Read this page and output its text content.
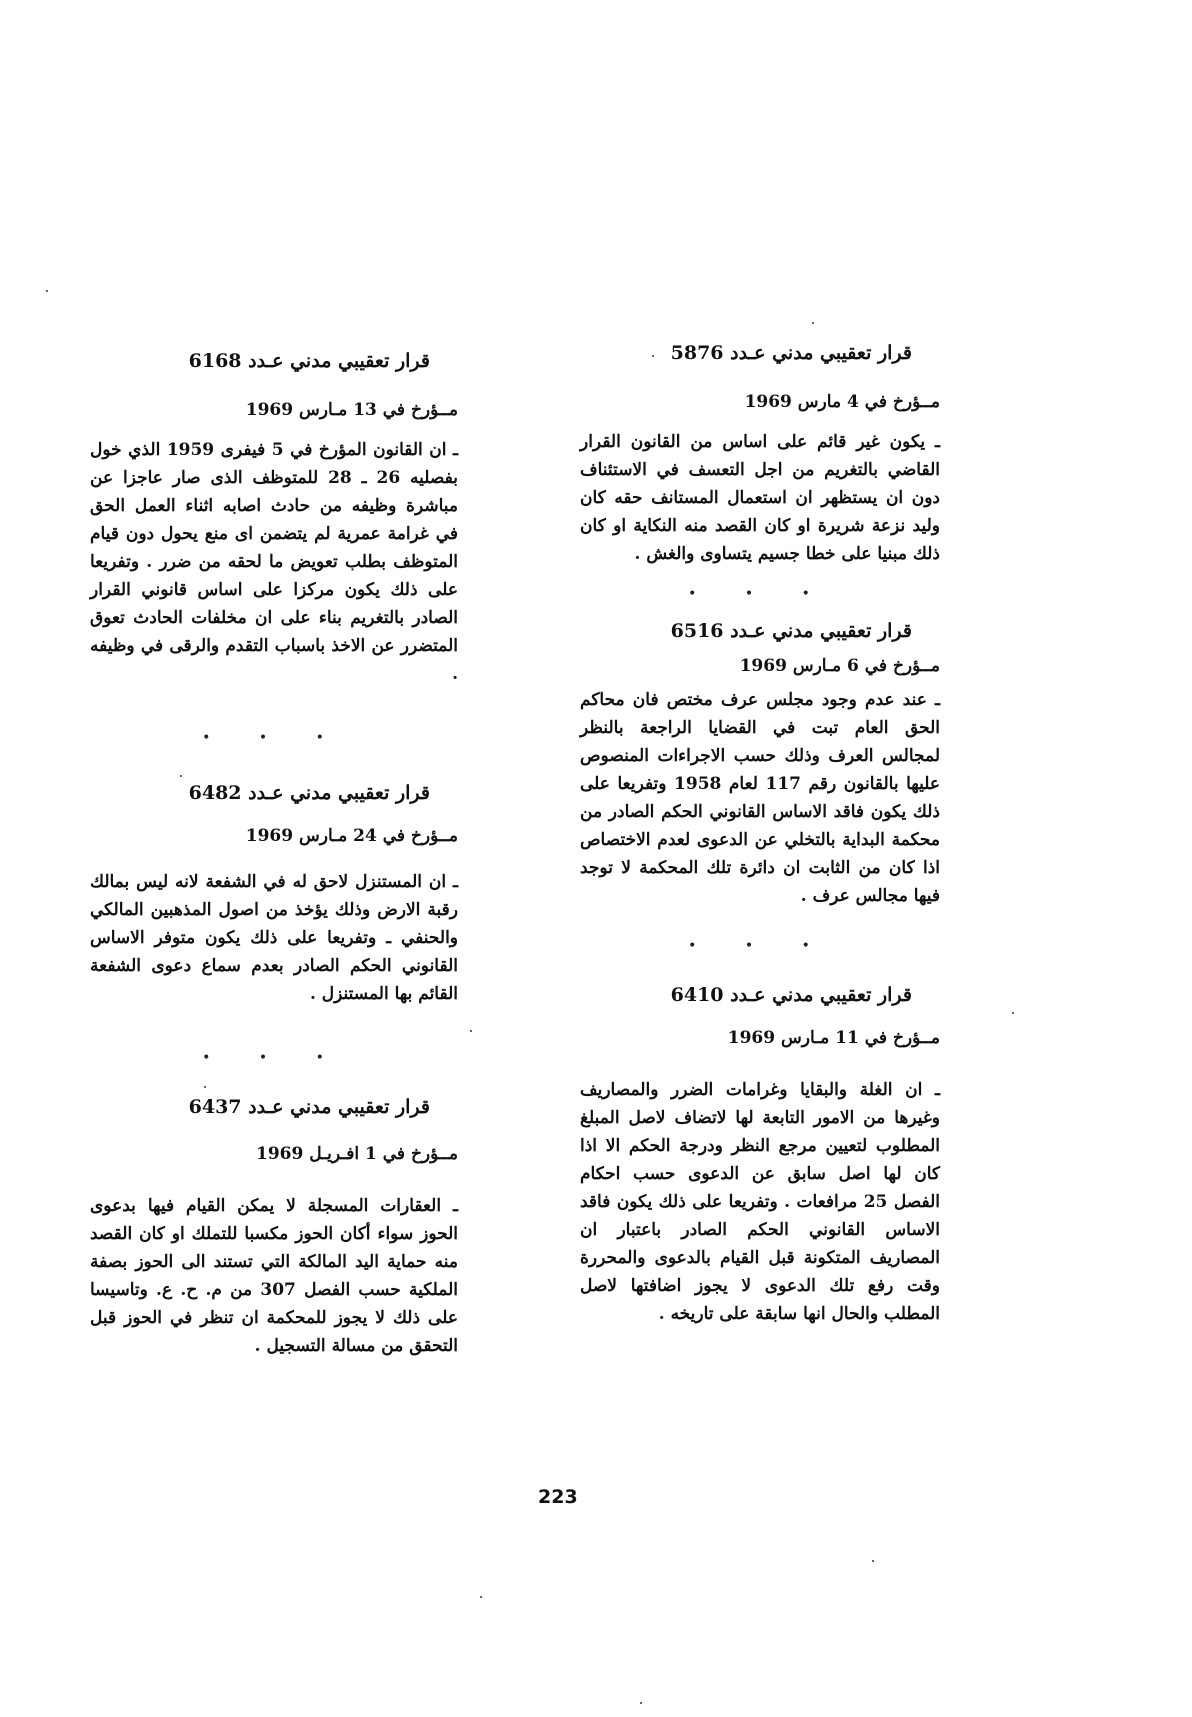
قرار تعقيبي مدني عـدد 5876
مــؤرخ في 4 مارس 1969
ـ يكون غير قائم على اساس من القانون القرار القاضي بالتغريم من اجل التعسف في الاستئناف دون ان يستظهر ان استعمال المستانف حقه كان وليد نزعة شريرة او كان القصد منه النكاية او كان ذلك مبنيا على خطا جسيم يتساوى والغش .
• • •
قرار تعقيبي مدني عـدد 6516
مــؤرخ في 6 مـارس 1969
ـ عند عدم وجود مجلس عرف مختص فان محاكم الحق العام تبت في القضايا الراجعة بالنظر لمجالس العرف وذلك حسب الاجراءات المنصوص عليها بالقانون رقم 117 لعام 1958 وتفريعا على ذلك يكون فاقد الاساس القانوني الحكم الصادر من محكمة البداية بالتخلي عن الدعوى لعدم الاختصاص اذا كان من الثابت ان دائرة تلك المحكمة لا توجد فيها مجالس عرف .
• • •
قرار تعقيبي مدني عـدد 6410
مــؤرخ في 11 مـارس 1969
ـ ان الغلة والبقايا وغرامات الضرر والمصاريف وغيرها من الامور التابعة لها لاتضاف لاصل المبلغ المطلوب لتعيين مرجع النظر ودرجة الحكم الا اذا كان لها اصل سابق عن الدعوى حسب احكام الفصل 25 مرافعات . وتفريعا على ذلك يكون فاقد الاساس القانوني الحكم الصادر باعتبار ان المصاريف المتكونة قبل القيام بالدعوى والمحررة وقت رفع تلك الدعوى لا يجوز اضافتها لاصل المطلب والحال انها سابقة على تاريخه .
قرار تعقيبي مدني عـدد 6168
مــؤرخ في 13 مـارس 1969
ـ ان القانون المؤرخ في 5 فيفرى 1959 الذي خول بفصليه 26 ـ 28 للمتوظف الذى صار عاجزا عن مباشرة وظيفه من حادث اصابه اثناء العمل الحق في غرامة عمرية لم يتضمن اى منع يحول دون قيام المتوظف بطلب تعويض ما لحقه من ضرر . وتفريعا على ذلك يكون مركزا على اساس قانوني القرار الصادر بالتغريم بناء على ان مخلفات الحادث تعوق المتضرر عن الاخذ باسباب التقدم والرقى في وظيفه .
• • •
قرار تعقيبي مدني عـدد 6482
مــؤرخ في 24 مـارس 1969
ـ ان المستنزل لاحق له في الشفعة لانه ليس بمالك رقبة الارض وذلك يؤخذ من اصول المذهبين المالكي والحنفي ـ وتفريعا على ذلك يكون متوفر الاساس القانوني الحكم الصادر بعدم سماع دعوى الشفعة القائم بها المستنزل .
• • •
قرار تعقيبي مدني عـدد 6437
مــؤرخ في 1 افـريـل 1969
ـ العقارات المسجلة لا يمكن القيام فيها بدعوى الحوز سواء أكان الحوز مكسبا للتملك او كان القصد منه حماية اليد المالكة التي تستند الى الحوز بصفة الملكية حسب الفصل 307 من م. ح. ع. وتاسيسا على ذلك لا يجوز للمحكمة ان تنظر في الحوز قبل التحقق من مسالة التسجيل .
223
